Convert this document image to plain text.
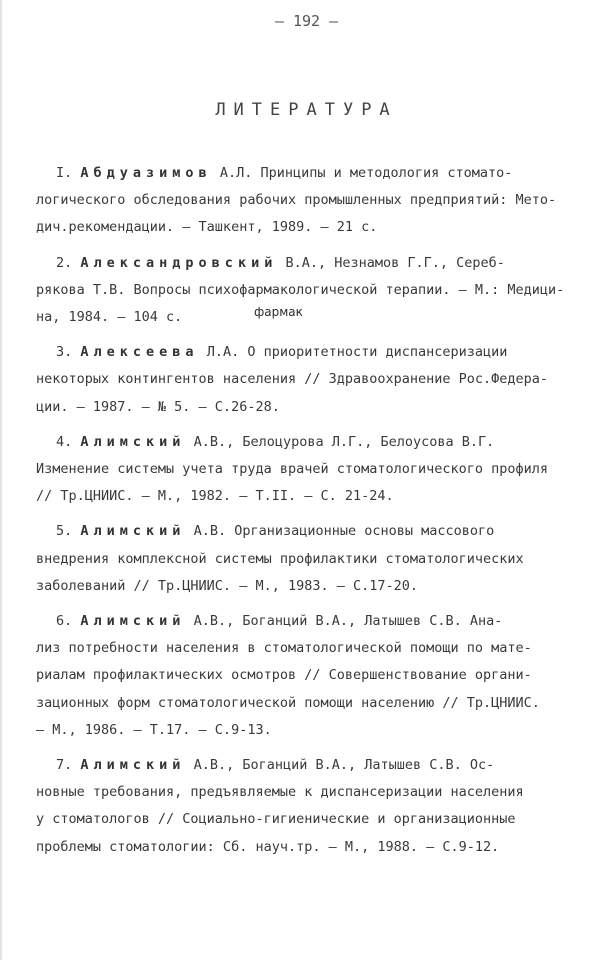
– 192 –
ЛИТЕРАТУРА
I. Абдуазимов А.Л. Принципы и методология стомато-
логического обследования рабочих промышленных предприятий: Мето-
дич.рекомендации. – Ташкент, 1989. – 21 с.
2. Александровский В.А., Незнамов Г.Г., Сереб-
рякова Т.В. Вопросы психофармакологической терапии. – М.: Медици-
на, 1984. – 104 с.
3. Алексеева Л.А. О приоритетности диспансеризации
некоторых контингентов населения // Здравоохранение Рос.Федера-
ции. – 1987. – № 5. – С.26-28.
4. Алимский А.В., Белоцурова Л.Г., Белоусова В.Г.
Изменение системы учета труда врачей стоматологического профиля
// Тр.ЦНИИС. – М., 1982. – Т.II. – С. 21-24.
5. Алимский А.В. Организационные основы массового
внедрения комплексной системы профилактики стоматологических
заболеваний // Тр.ЦНИИС. – М., 1983. – С.17-20.
6. Алимский А.В., Боганций В.А., Латышев С.В. Ана-
лиз потребности населения в стоматологической помощи по мате-
риалам профилактических осмотров // Совершенствование органи-
зационных форм стоматологической помощи населению // Тр.ЦНИИС.
– М., 1986. – Т.17. – С.9-13.
7. Алимский А.В., Боганций В.А., Латышев С.В. Ос-
новные требования, предъявляемые к диспансеризации населения
у стоматологов // Социально-гигиенические и организационные
проблемы стоматологии: Сб. науч.тр. – М., 1988. – С.9-12.
фармак
